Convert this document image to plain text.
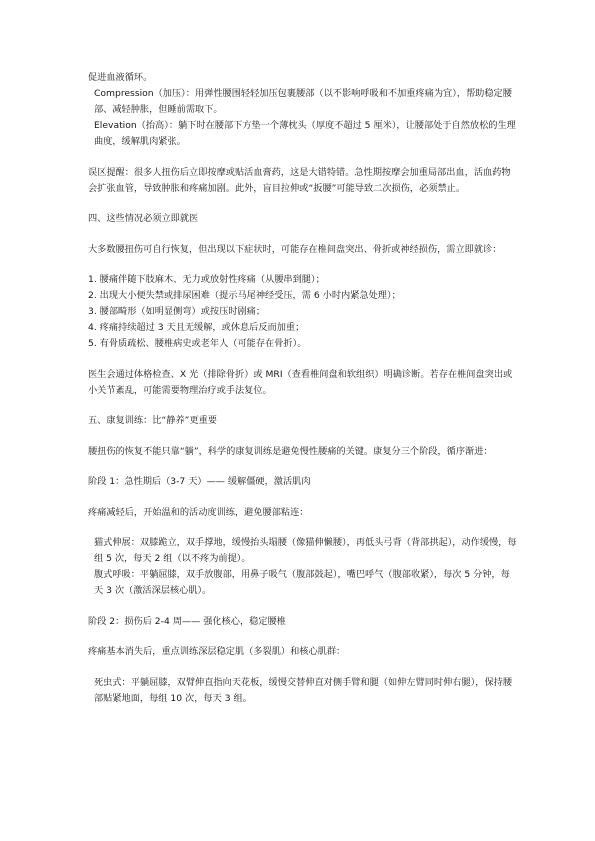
促进血液循环。
Compression（加压）：用弹性腰围轻轻加压包裹腰部（以不影响呼吸和不加重疼痛为宜），帮助稳定腰部、减轻肿胀，但睡前需取下。
Elevation（抬高）：躺下时在腰部下方垫一个薄枕头（厚度不超过 5 厘米），让腰部处于自然放松的生理曲度，缓解肌肉紧张。
误区提醒：很多人扭伤后立即按摩或贴活血膏药，这是大错特错。急性期按摩会加重局部出血，活血药物会扩张血管，导致肿胀和疼痛加剧。此外，盲目拉伸或“扳腰”可能导致二次损伤，必须禁止。
四、这些情况必须立即就医
大多数腰扭伤可自行恢复，但出现以下症状时，可能存在椎间盘突出、骨折或神经损伤，需立即就诊：
1. 腰痛伴随下肢麻木、无力或放射性疼痛（从腰串到腿）；
2. 出现大小便失禁或排尿困难（提示马尾神经受压，需 6 小时内紧急处理）；
3. 腰部畸形（如明显侧弯）或按压时剧痛；
4. 疼痛持续超过 3 天且无缓解，或休息后反而加重；
5. 有骨质疏松、腰椎病史或老年人（可能存在骨折）。
医生会通过体格检查、X 光（排除骨折）或 MRI（查看椎间盘和软组织）明确诊断。若存在椎间盘突出或小关节紊乱，可能需要物理治疗或手法复位。
五、康复训练：比“静养”更重要
腰扭伤的恢复不能只靠“躺”，科学的康复训练是避免慢性腰痛的关键。康复分三个阶段，循序渐进：
阶段 1：急性期后（3-7 天）—— 缓解僵硬，激活肌肉
疼痛减轻后，开始温和的活动度训练，避免腰部粘连：
猫式伸展：双膝跪立，双手撑地，缓慢抬头塌腰（像猫伸懒腰），再低头弓背（背部拱起），动作缓慢，每组 5 次，每天 2 组（以不疼为前提）。
腹式呼吸：平躺屈膝，双手放腹部，用鼻子吸气（腹部鼓起），嘴巴呼气（腹部收紧），每次 5 分钟，每天 3 次（激活深层核心肌）。
阶段 2：损伤后 2-4 周—— 强化核心，稳定腰椎
疼痛基本消失后，重点训练深层稳定肌（多裂肌）和核心肌群：
死虫式：平躺屈膝，双臂伸直指向天花板，缓慢交替伸直对侧手臂和腿（如伸左臂同时伸右腿），保持腰部贴紧地面，每组 10 次，每天 3 组。
